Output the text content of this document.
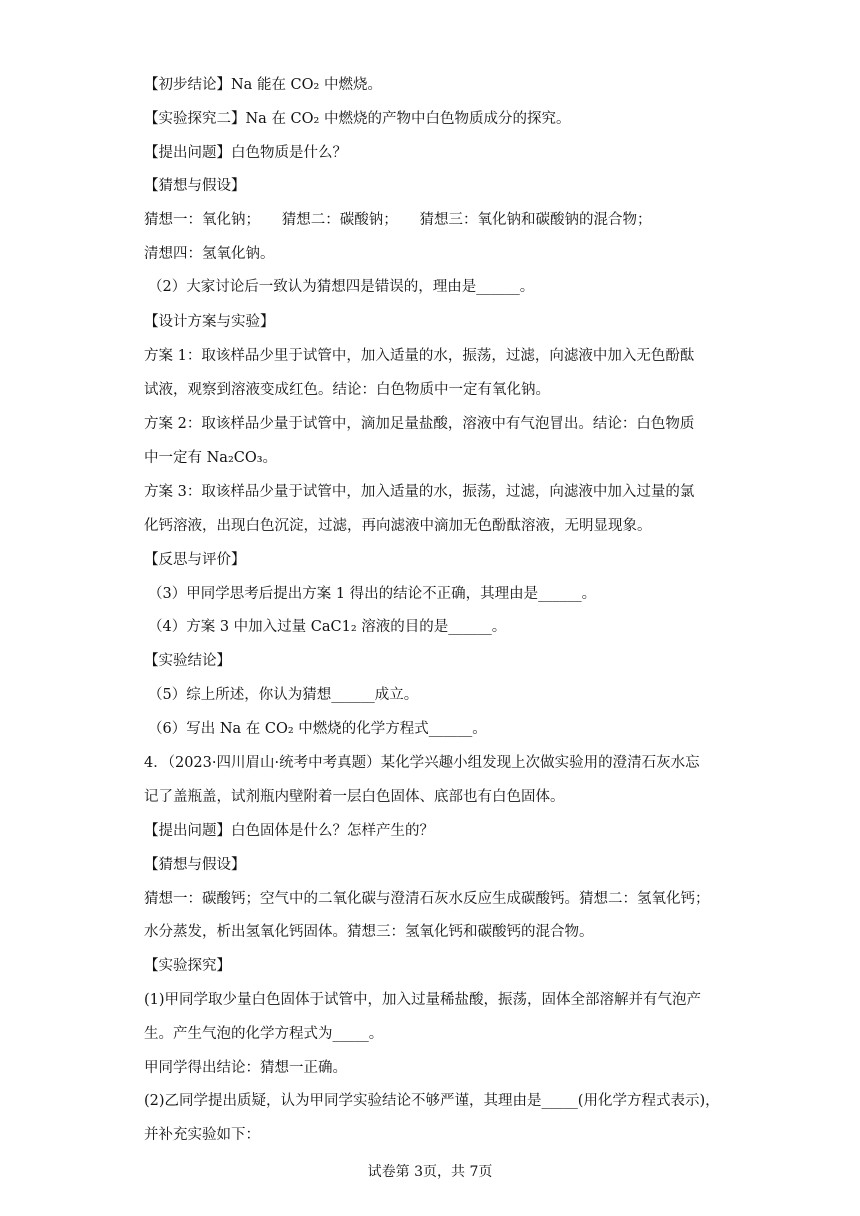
【初步结论】Na 能在 CO₂ 中燃烧。
【实验探究二】Na 在 CO₂ 中燃烧的产物中白色物质成分的探究。
【提出问题】白色物质是什么？
【猜想与假设】
猜想一：氧化钠；　　猜想二：碳酸钠；　　猜想三：氧化钠和碳酸钠的混合物；
清想四：氢氧化钠。
（2）大家讨论后一致认为猜想四是错误的，理由是______。
【设计方案与实验】
方案 1：取该样品少里于试管中，加入适量的水，振荡，过滤，向滤液中加入无色酚酞
试液，观察到溶液变成红色。结论：白色物质中一定有氧化钠。
方案 2：取该样品少量于试管中，滴加足量盐酸，溶液中有气泡冒出。结论：白色物质
中一定有 Na₂CO₃。
方案 3：取该样品少量于试管中，加入适量的水，振荡，过滤，向滤液中加入过量的氯
化钙溶液，出现白色沉淀，过滤，再向滤液中滴加无色酚酞溶液，无明显现象。
【反思与评价】
（3）甲同学思考后提出方案 1 得出的结论不正确，其理由是______。
（4）方案 3 中加入过量 CaC1₂ 溶液的目的是______。
【实验结论】
（5）综上所述，你认为猜想______成立。
（6）写出 Na 在 CO₂ 中燃烧的化学方程式______。
4．（2023·四川眉山·统考中考真题）某化学兴趣小组发现上次做实验用的澄清石灰水忘
记了盖瓶盖，试剂瓶内壁附着一层白色固体、底部也有白色固体。
【提出问题】白色固体是什么？怎样产生的？
【猜想与假设】
猜想一：碳酸钙；空气中的二氧化碳与澄清石灰水反应生成碳酸钙。猜想二：氢氧化钙；
水分蒸发，析出氢氧化钙固体。猜想三：氢氧化钙和碳酸钙的混合物。
【实验探究】
(1)甲同学取少量白色固体于试管中，加入过量稀盐酸，振荡，固体全部溶解并有气泡产
生。产生气泡的化学方程式为_____。
甲同学得出结论：猜想一正确。
(2)乙同学提出质疑，认为甲同学实验结论不够严谨，其理由是_____(用化学方程式表示)，
并补充实验如下：
试卷第 3页，共 7页
